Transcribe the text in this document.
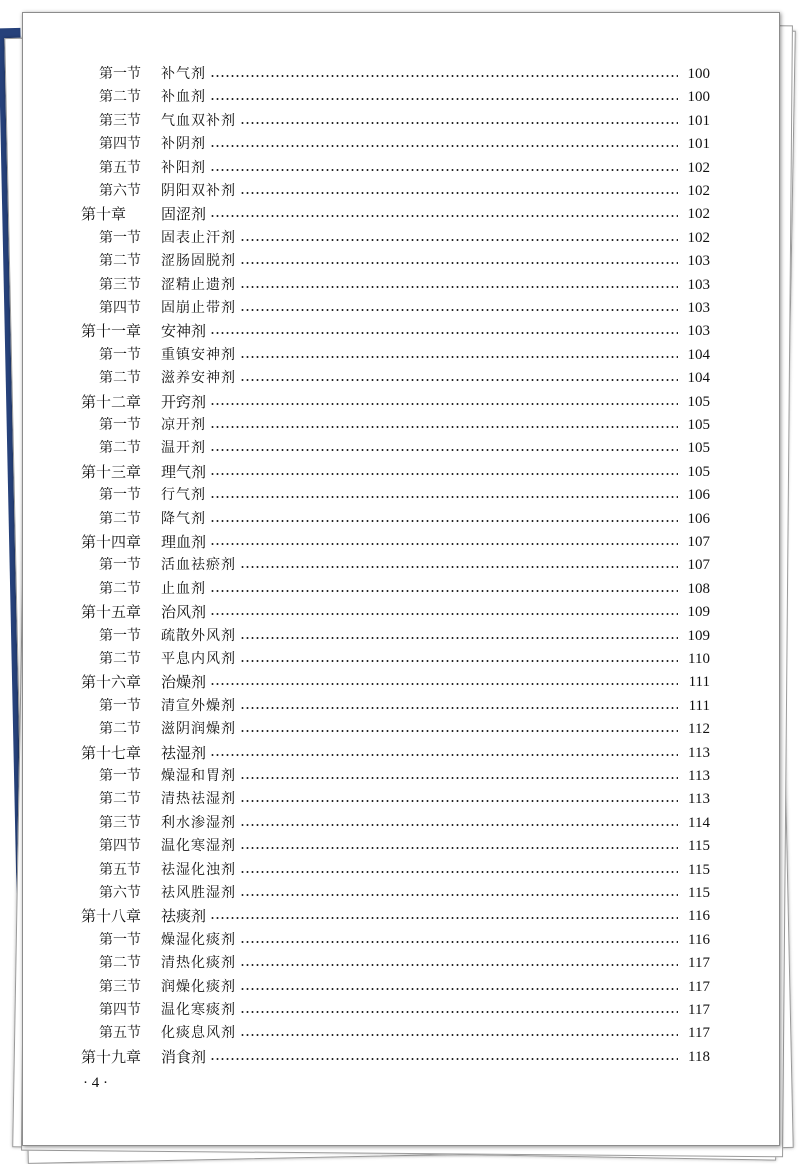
第一节	补气剂	100
第二节	补血剂	100
第三节	气血双补剂	101
第四节	补阴剂	101
第五节	补阳剂	102
第六节	阴阳双补剂	102
第十章	固涩剂	102
第一节	固表止汗剂	102
第二节	涩肠固脱剂	103
第三节	涩精止遗剂	103
第四节	固崩止带剂	103
第十一章	安神剂	103
第一节	重镇安神剂	104
第二节	滋养安神剂	104
第十二章	开窍剂	105
第一节	凉开剂	105
第二节	温开剂	105
第十三章	理气剂	105
第一节	行气剂	106
第二节	降气剂	106
第十四章	理血剂	107
第一节	活血祛瘀剂	107
第二节	止血剂	108
第十五章	治风剂	109
第一节	疏散外风剂	109
第二节	平息内风剂	110
第十六章	治燥剂	111
第一节	清宣外燥剂	111
第二节	滋阴润燥剂	112
第十七章	祛湿剂	113
第一节	燥湿和胃剂	113
第二节	清热祛湿剂	113
第三节	利水渗湿剂	114
第四节	温化寒湿剂	115
第五节	祛湿化浊剂	115
第六节	祛风胜湿剂	115
第十八章	祛痰剂	116
第一节	燥湿化痰剂	116
第二节	清热化痰剂	117
第三节	润燥化痰剂	117
第四节	温化寒痰剂	117
第五节	化痰息风剂	117
第十九章	消食剂	118
· 4 ·
